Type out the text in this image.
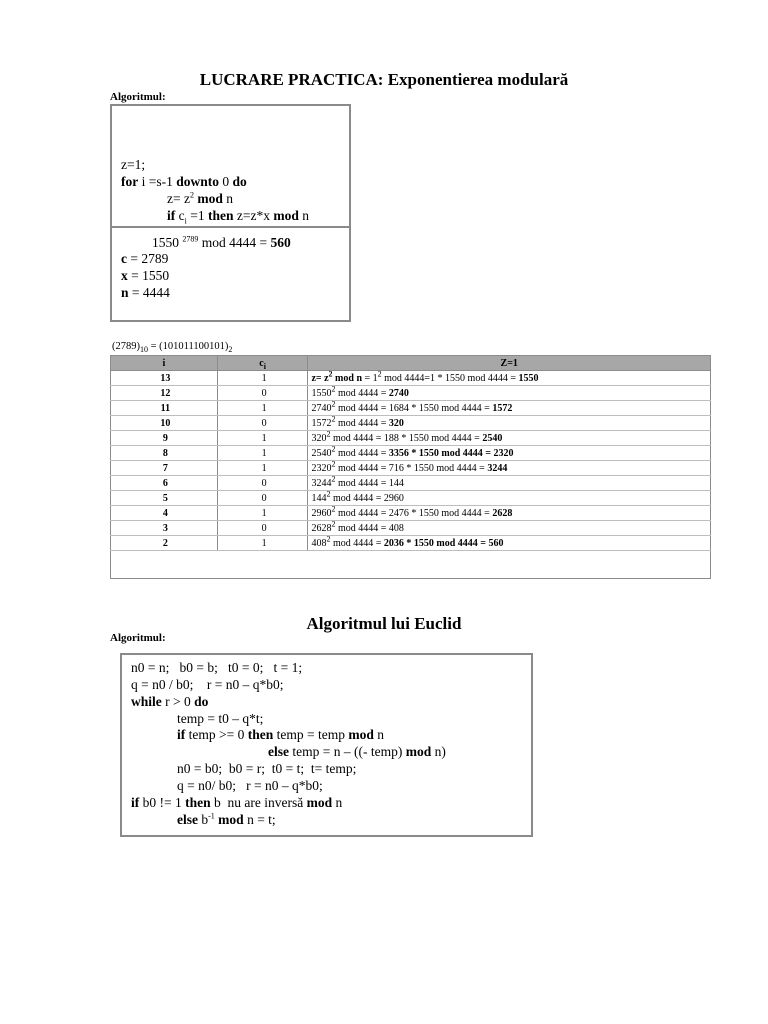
LUCRARE PRACTICA: Exponentierea modulară
Algoritmul:
z=1;
for i =s-1 downto 0 do
$z= z^2$ mod n
if $c_i =1$ then z=z*x mod n
1550 $^{2789}$ mod 4444 = 560
c = 2789
x = 1550
n = 4444
$(2789)_{10} = (101011100101)_2$
i	$c_i$	Z=1
13	1	$z= z^2$ mod $n = 1^2$ mod 4444=1 * 1550 mod 4444 = 1550
12	0	1550$^2$ mod 4444 = 2740
11	1	2740$^2$ mod 4444 = 1684 * 1550 mod 4444 = 1572
10	0	1572$^2$ mod 4444 = 320
9	1	$320^2$ mod 4444 = 188 * 1550 mod 4444 = 2540
8	1	2540$^2$ mod 4444 = 3356 * 1550 mod 4444 = 2320
7	1	2320$^2$ mod 4444 = 716 * 1550 mod 4444 = 3244
6	0	3244$^2$ mod 4444 = 144
5	0	$144^2$ mod 4444 = 2960
4	1	2960$^2$ mod 4444 = 2476 * 1550 mod 4444 = 2628
3	0	2628$^2$ mod 4444 = 408
2	1	$408^2$ mod 4444 = 2036 * 1550 mod 4444 = 560
Algoritmul lui Euclid
Algoritmul:
n0 = n;   b0 = b;   t0 = 0;   t = 1;
q = n0 / b0;    r = n0 – q*b0;
while r > 0 do
temp = t0 – q*t;
if temp >= 0 then temp = temp mod n
else temp = n – ((- temp) mod n)
n0 = b0;  b0 = r;  t0 = t;  t= temp;
q = n0/ b0;   r = n0 – q*b0;
if b0 != 1 then b  nu are inversă mod n
else $b^{-1}$ mod n = t;
